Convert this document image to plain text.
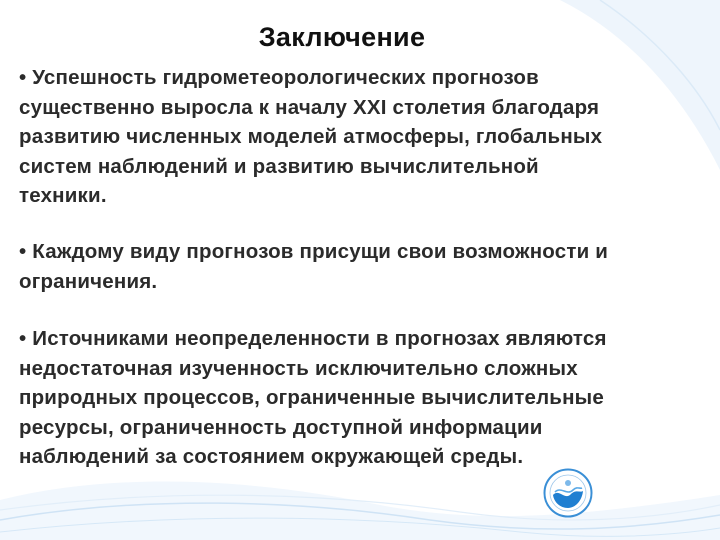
Заключение
• Успешность гидрометеорологических прогнозов
существенно выросла к началу XXI столетия благодаря
развитию численных моделей атмосферы, глобальных
систем наблюдений и развитию вычислительной
техники.
• Каждому виду прогнозов присущи свои возможности и
ограничения.
• Источниками неопределенности в прогнозах являются
недостаточная изученность исключительно сложных
природных процессов, ограниченные вычислительные
ресурсы, ограниченность доступной информации
наблюдений за состоянием окружающей среды.
